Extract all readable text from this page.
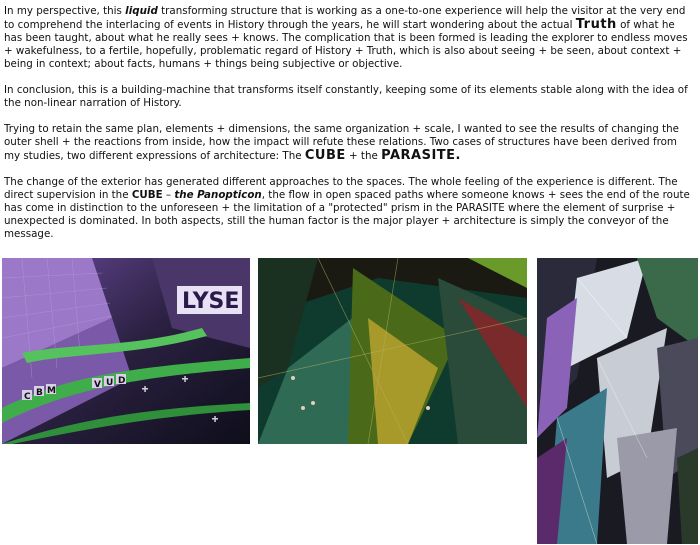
In my perspective, this liquid transforming structure that is working as a one-to-one experience will help the visitor at the very end to comprehend the interlacing of events in History through the years, he will start wondering about the actual Truth of what he has been taught, about what he really sees + knows. The complication that is been formed is leading the explorer to endless moves + wakefulness, to a fertile, hopefully, problematic regard of History + Truth, which is also about seeing + be seen, about context + being in context; about facts, humans + things being subjective or objective.

In conclusion, this is a building-machine that transforms itself constantly, keeping some of its elements stable along with the idea of the non-linear narration of History.

Trying to retain the same plan, elements + dimensions, the same organization + scale, I wanted to see the results of changing the outer shell + the reactions from inside, how the impact will refute these relations. Two cases of structures have been derived from my studies, two different expressions of architecture: The CUBE + the PARASITE.

The change of the exterior has generated different approaches to the spaces. The whole feeling of the experience is different. The direct supervision in the CUBE – the Panopticon, the flow in open spaced paths where someone knows + sees the end of the route has come in distinction to the unforeseen + the limitation of a "protected" prism in the PARASITE where the element of surprise + unexpected is dominated. In both aspects, still the human factor is the major player + architecture is simply the conveyor of the message.

LYSE
C B M
V U D
